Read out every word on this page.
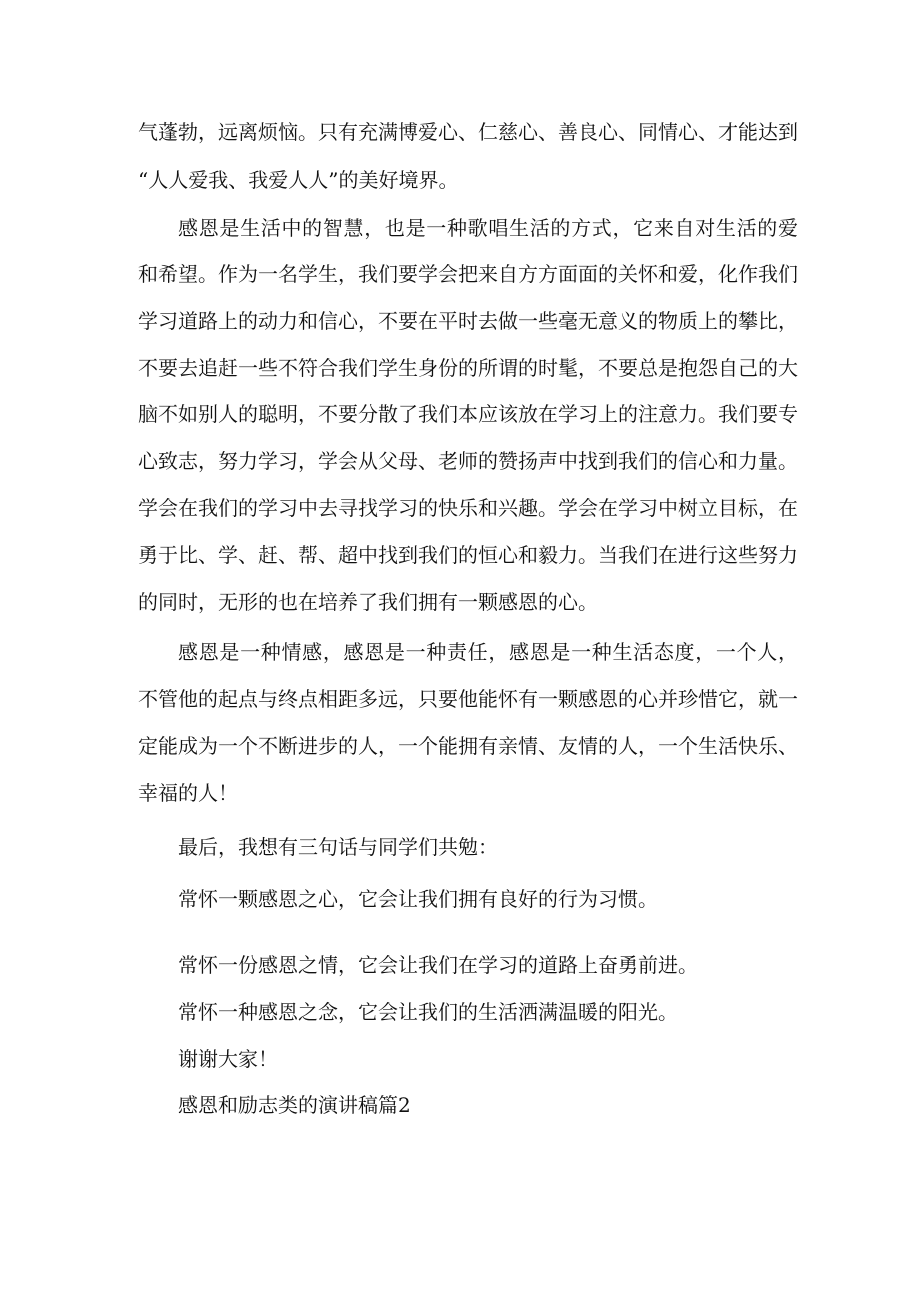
气蓬勃，远离烦恼。只有充满博爱心、仁慈心、善良心、同情心、才能达到
“人人爱我、我爱人人”的美好境界。
感恩是生活中的智慧，也是一种歌唱生活的方式，它来自对生活的爱
和希望。作为一名学生，我们要学会把来自方方面面的关怀和爱，化作我们
学习道路上的动力和信心，不要在平时去做一些毫无意义的物质上的攀比，
不要去追赶一些不符合我们学生身份的所谓的时髦，不要总是抱怨自己的大
脑不如别人的聪明，不要分散了我们本应该放在学习上的注意力。我们要专
心致志，努力学习，学会从父母、老师的赞扬声中找到我们的信心和力量。
学会在我们的学习中去寻找学习的快乐和兴趣。学会在学习中树立目标，在
勇于比、学、赶、帮、超中找到我们的恒心和毅力。当我们在进行这些努力
的同时，无形的也在培养了我们拥有一颗感恩的心。
感恩是一种情感，感恩是一种责任，感恩是一种生活态度，一个人，
不管他的起点与终点相距多远，只要他能怀有一颗感恩的心并珍惜它，就一
定能成为一个不断进步的人，一个能拥有亲情、友情的人，一个生活快乐、
幸福的人！
最后，我想有三句话与同学们共勉：
常怀一颗感恩之心，它会让我们拥有良好的行为习惯。
常怀一份感恩之情，它会让我们在学习的道路上奋勇前进。
常怀一种感恩之念，它会让我们的生活洒满温暖的阳光。
谢谢大家！
感恩和励志类的演讲稿篇2
